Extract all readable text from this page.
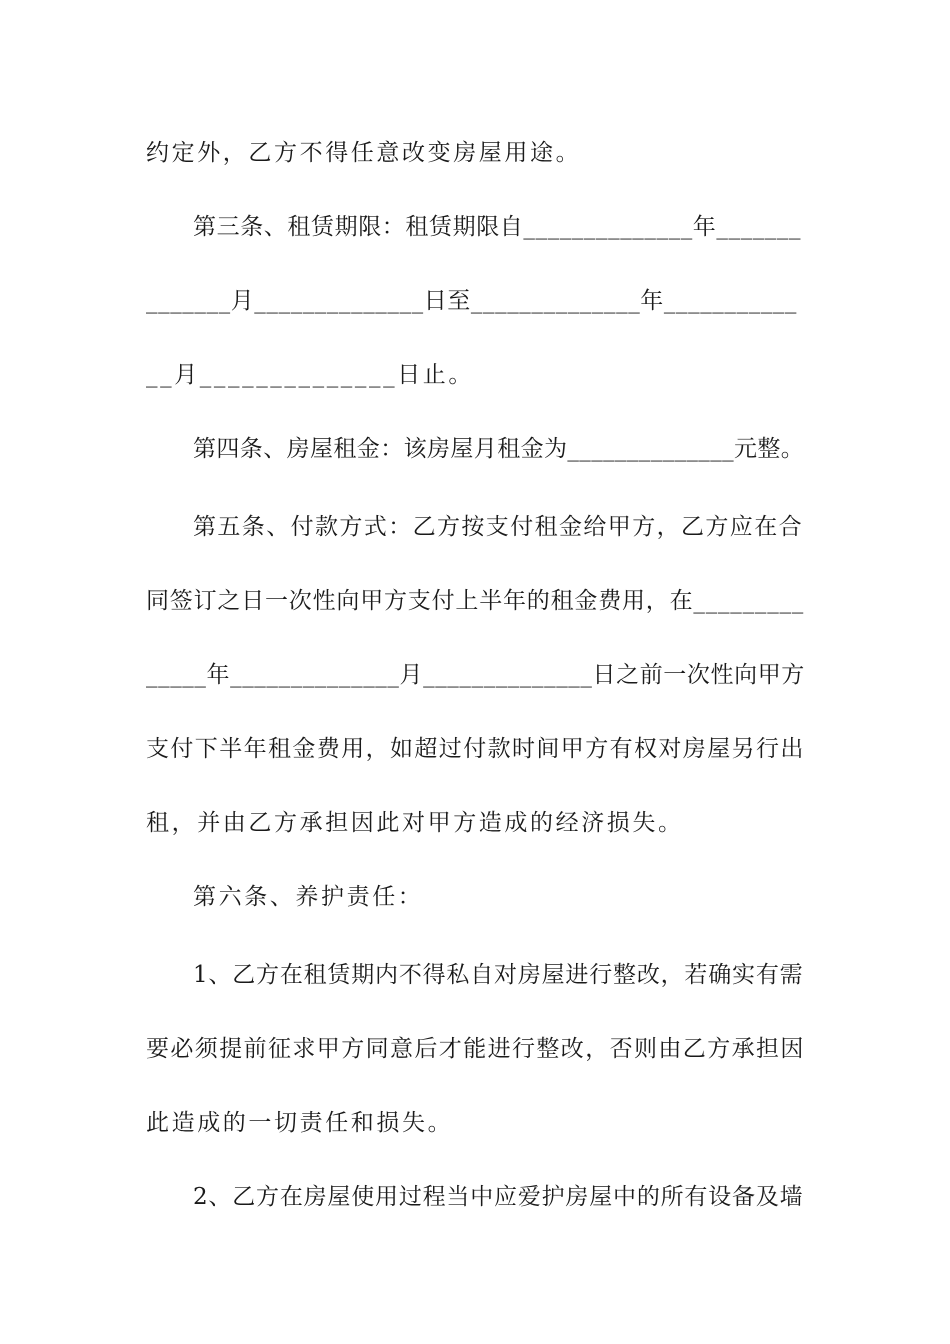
约定外，乙方不得任意改变房屋用途。
第三条、租赁期限：租赁期限自______________年_______
_______月______________日至______________年___________
__月______________日止。
第四条、房屋租金：该房屋月租金为______________元整。
第五条、付款方式：乙方按支付租金给甲方，乙方应在合
同签订之日一次性向甲方支付上半年的租金费用，在_________
_____年______________月______________日之前一次性向甲方
支付下半年租金费用，如超过付款时间甲方有权对房屋另行出
租，并由乙方承担因此对甲方造成的经济损失。
第六条、养护责任：
1、乙方在租赁期内不得私自对房屋进行整改，若确实有需
要必须提前征求甲方同意后才能进行整改，否则由乙方承担因
此造成的一切责任和损失。
2、乙方在房屋使用过程当中应爱护房屋中的所有设备及墙
